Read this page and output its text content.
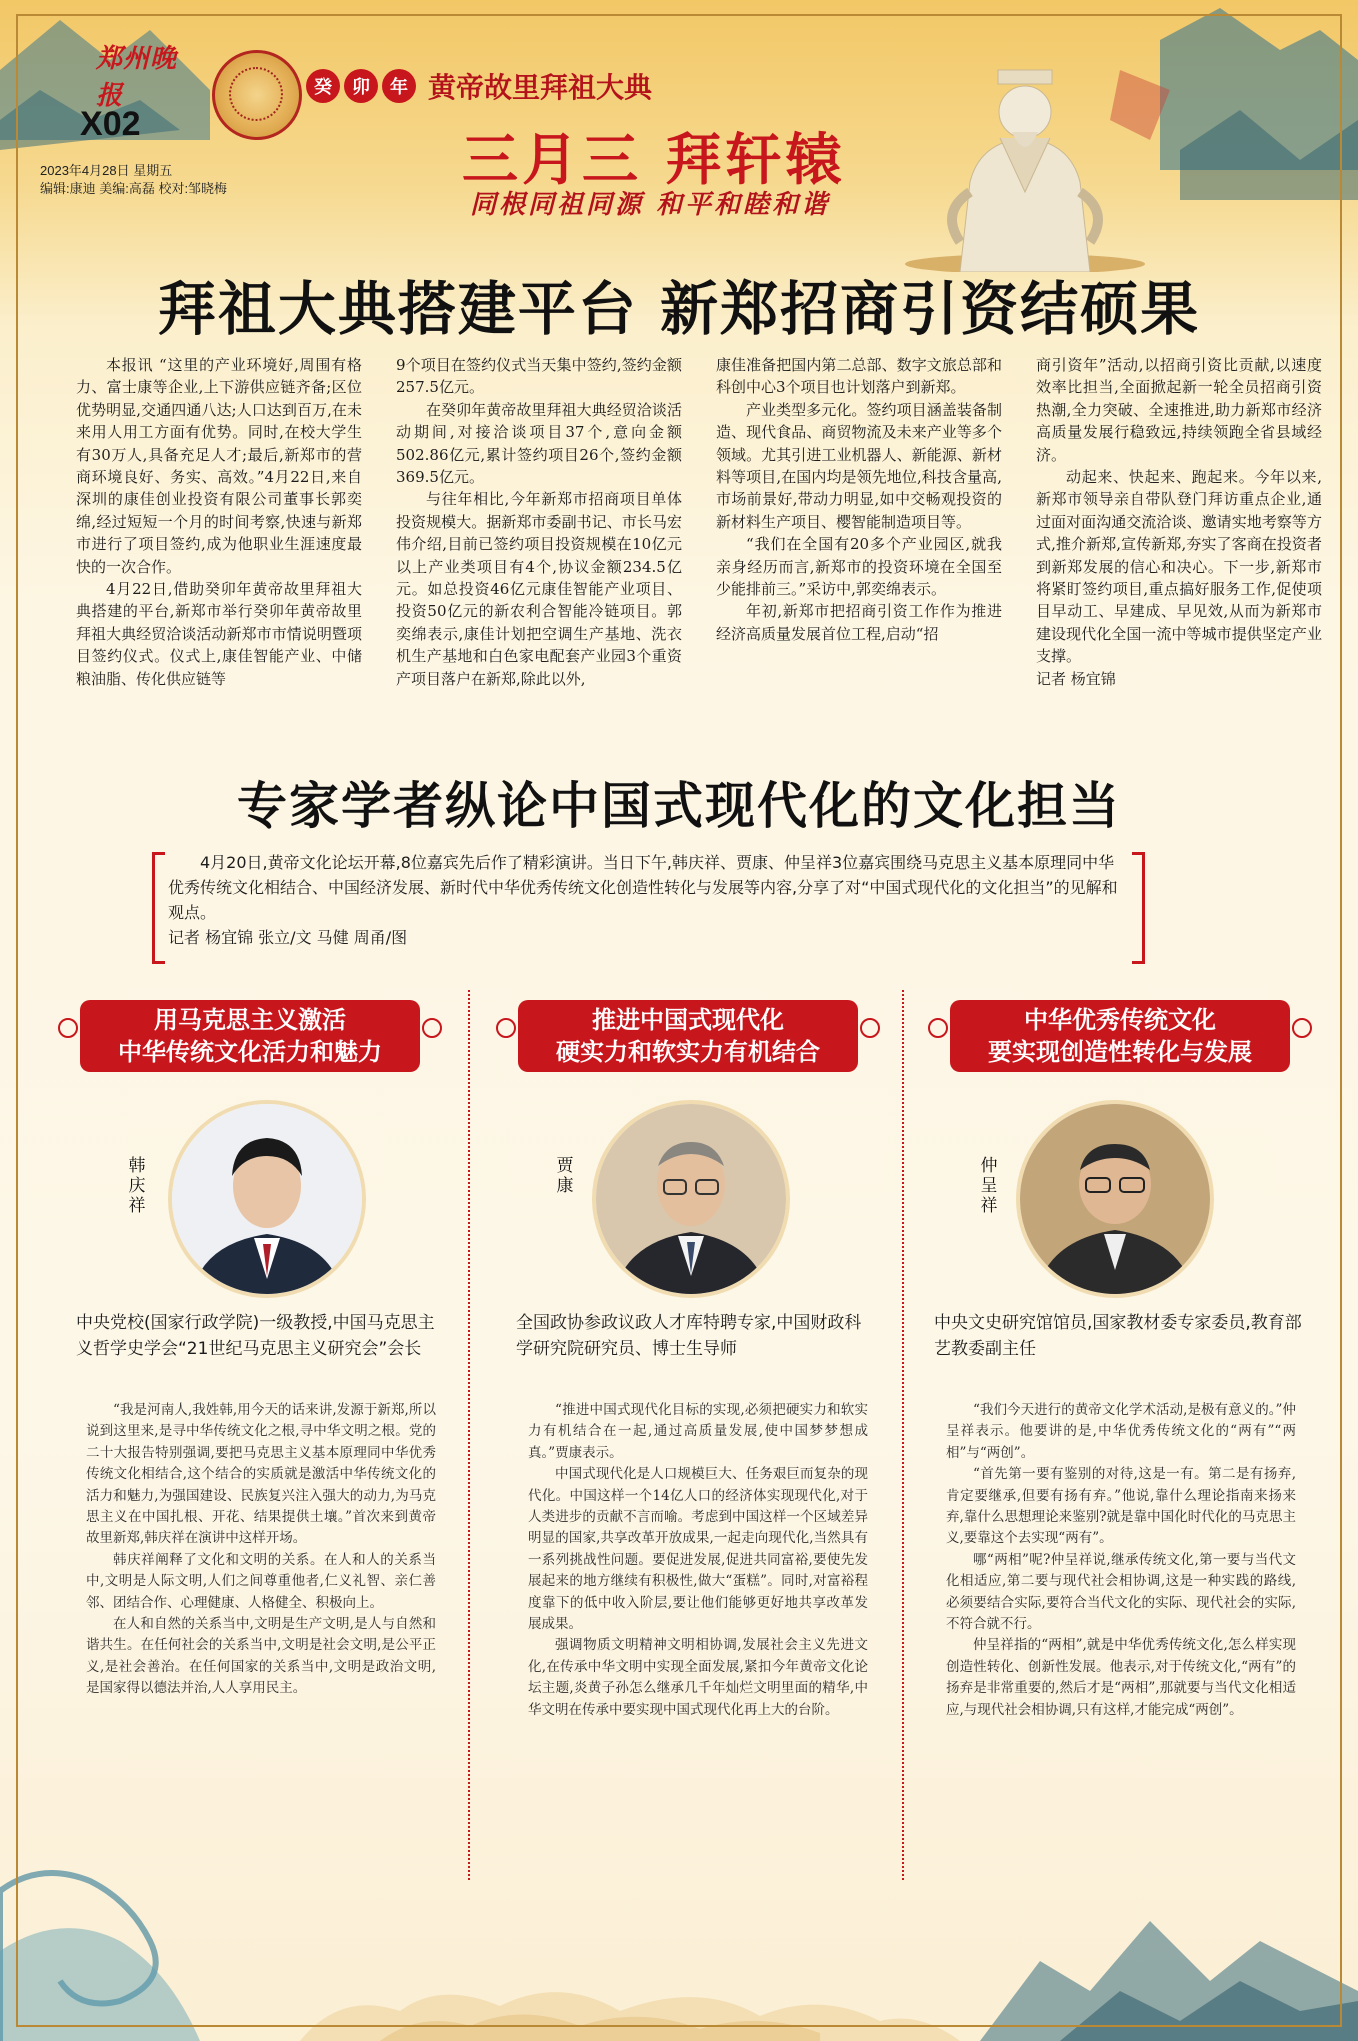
郑州晚报
X02
2023年4月28日 星期五
编辑:康迪 美编:高磊 校对:邹晓梅
癸	卯	年 黄帝故里拜祖大典
三月三 拜轩辕
同根同祖同源 和平和睦和谐
拜祖大典搭建平台 新郑招商引资结硕果

本报讯 “这里的产业环境好,周围有格力、富士康等企业,上下游供应链齐备;区位优势明显,交通四通八达;人口达到百万,在未来用人用工方面有优势。同时,在校大学生有30万人,具备充足人才;最后,新郑市的营商环境良好、务实、高效。”4月22日,来自深圳的康佳创业投资有限公司董事长郭奕绵,经过短短一个月的时间考察,快速与新郑市进行了项目签约,成为他职业生涯速度最快的一次合作。

4月22日,借助癸卯年黄帝故里拜祖大典搭建的平台,新郑市举行癸卯年黄帝故里拜祖大典经贸洽谈活动新郑市市情说明暨项目签约仪式。仪式上,康佳智能产业、中储粮油脂、传化供应链等

9个项目在签约仪式当天集中签约,签约金额257.5亿元。

在癸卯年黄帝故里拜祖大典经贸洽谈活动期间,对接洽谈项目37个,意向金额502.86亿元,累计签约项目26个,签约金额369.5亿元。

与往年相比,今年新郑市招商项目单体投资规模大。据新郑市委副书记、市长马宏伟介绍,目前已签约项目投资规模在10亿元以上产业类项目有4个,协议金额234.5亿元。如总投资46亿元康佳智能产业项目、投资50亿元的新农利合智能冷链项目。郭奕绵表示,康佳计划把空调生产基地、洗衣机生产基地和白色家电配套产业园3个重资产项目落户在新郑,除此以外,

康佳准备把国内第二总部、数字文旅总部和科创中心3个项目也计划落户到新郑。

产业类型多元化。签约项目涵盖装备制造、现代食品、商贸物流及未来产业等多个领域。尤其引进工业机器人、新能源、新材料等项目,在国内均是领先地位,科技含量高,市场前景好,带动力明显,如中交畅观投资的新材料生产项目、樱智能制造项目等。

“我们在全国有20多个产业园区,就我亲身经历而言,新郑市的投资环境在全国至少能排前三。”采访中,郭奕绵表示。

年初,新郑市把招商引资工作作为推进经济高质量发展首位工程,启动“招

商引资年”活动,以招商引资比贡献,以速度效率比担当,全面掀起新一轮全员招商引资热潮,全力突破、全速推进,助力新郑市经济高质量发展行稳致远,持续领跑全省县域经济。

动起来、快起来、跑起来。今年以来,新郑市领导亲自带队登门拜访重点企业,通过面对面沟通交流洽谈、邀请实地考察等方式,推介新郑,宣传新郑,夯实了客商在投资者到新郑发展的信心和决心。下一步,新郑市将紧盯签约项目,重点搞好服务工作,促使项目早动工、早建成、早见效,从而为新郑市建设现代化全国一流中等城市提供坚定产业支撑。

记者 杨宜锦

专家学者纵论中国式现代化的文化担当

4月20日,黄帝文化论坛开幕,8位嘉宾先后作了精彩演讲。当日下午,韩庆祥、贾康、仲呈祥3位嘉宾围绕马克思主义基本原理同中华优秀传统文化相结合、中国经济发展、新时代中华优秀传统文化创造性转化与发展等内容,分享了对“中国式现代化的文化担当”的见解和观点。

记者 杨宜锦 张立/文 马健 周甬/图

用马克思主义激活
中华传统文化活力和魅力
韩庆祥
中央党校(国家行政学院)一级教授,中国马克思主义哲学史学会“21世纪马克思主义研究会”会长

“我是河南人,我姓韩,用今天的话来讲,发源于新郑,所以说到这里来,是寻中华传统文化之根,寻中华文明之根。党的二十大报告特别强调,要把马克思主义基本原理同中华优秀传统文化相结合,这个结合的实质就是激活中华传统文化的活力和魅力,为强国建设、民族复兴注入强大的动力,为马克思主义在中国扎根、开花、结果提供土壤。”首次来到黄帝故里新郑,韩庆祥在演讲中这样开场。

韩庆祥阐释了文化和文明的关系。在人和人的关系当中,文明是人际文明,人们之间尊重他者,仁义礼智、亲仁善邻、团结合作、心理健康、人格健全、积极向上。

在人和自然的关系当中,文明是生产文明,是人与自然和谐共生。在任何社会的关系当中,文明是社会文明,是公平正义,是社会善治。在任何国家的关系当中,文明是政治文明,是国家得以德法并治,人人享用民主。

推进中国式现代化
硬实力和软实力有机结合
贾康
全国政协参政议政人才库特聘专家,中国财政科学研究院研究员、博士生导师

“推进中国式现代化目标的实现,必须把硬实力和软实力有机结合在一起,通过高质量发展,使中国梦梦想成真。”贾康表示。

中国式现代化是人口规模巨大、任务艰巨而复杂的现代化。中国这样一个14亿人口的经济体实现现代化,对于人类进步的贡献不言而喻。考虑到中国这样一个区域差异明显的国家,共享改革开放成果,一起走向现代化,当然具有一系列挑战性问题。要促进发展,促进共同富裕,要使先发展起来的地方继续有积极性,做大“蛋糕”。同时,对富裕程度靠下的低中收入阶层,要让他们能够更好地共享改革发展成果。

强调物质文明精神文明相协调,发展社会主义先进文化,在传承中华文明中实现全面发展,紧扣今年黄帝文化论坛主题,炎黄子孙怎么继承几千年灿烂文明里面的精华,中华文明在传承中要实现中国式现代化再上大的台阶。

中华优秀传统文化
要实现创造性转化与发展
仲呈祥
中央文史研究馆馆员,国家教材委专家委员,教育部艺教委副主任

“我们今天进行的黄帝文化学术活动,是极有意义的。”仲呈祥表示。他要讲的是,中华优秀传统文化的“两有”“两相”与“两创”。

“首先第一要有鉴别的对待,这是一有。第二是有扬弃,肯定要继承,但要有扬有弃。”他说,靠什么理论指南来扬来弃,靠什么思想理论来鉴别?就是靠中国化时代化的马克思主义,要靠这个去实现“两有”。

哪“两相”呢?仲呈祥说,继承传统文化,第一要与当代文化相适应,第二要与现代社会相协调,这是一种实践的路线,必须要结合实际,要符合当代文化的实际、现代社会的实际,不符合就不行。

仲呈祥指的“两相”,就是中华优秀传统文化,怎么样实现创造性转化、创新性发展。他表示,对于传统文化,“两有”的扬弃是非常重要的,然后才是“两相”,那就要与当代文化相适应,与现代社会相协调,只有这样,才能完成“两创”。
